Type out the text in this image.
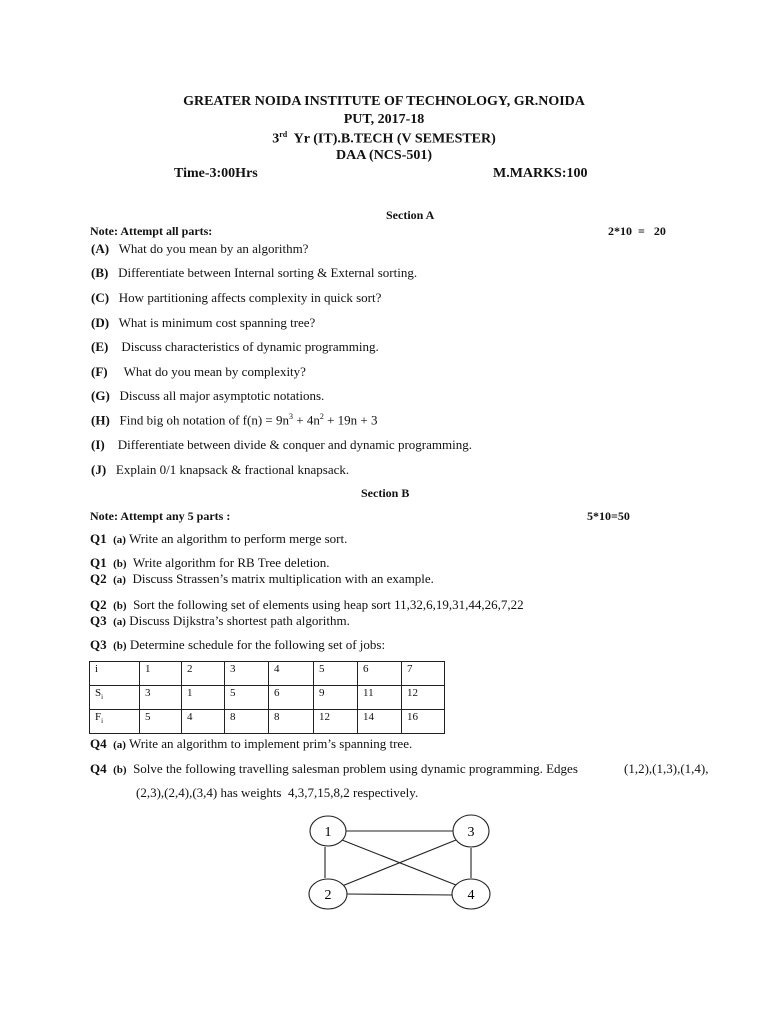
GREATER NOIDA INSTITUTE OF TECHNOLOGY, GR.NOIDA
PUT, 2017-18
3rd Yr (IT).B.TECH (V SEMESTER)
DAA (NCS-501)
Time-3:00Hrs	M.MARKS:100
Section A
Note: Attempt all parts:	2*10  =   20
(A) What do you mean by an algorithm?
(B) Differentiate between Internal sorting & External sorting.
(C) How partitioning affects complexity in quick sort?
(D) What is minimum cost spanning tree?
(E) Discuss characteristics of dynamic programming.
(F) What do you mean by complexity?
(G) Discuss all major asymptotic notations.
(H) Find big oh notation of $f(n) = 9n^3 + 4n^2 + 19n + 3$
(I) Differentiate between divide & conquer and dynamic programming.
(J) Explain 0/1 knapsack & fractional knapsack.
Section B
Note: Attempt any 5 parts :	5*10=50
Q1 (a) Write an algorithm to perform merge sort.
Q1 (b) Write algorithm for RB Tree deletion.
Q2 (a) Discuss Strassen’s matrix multiplication with an example.
Q2 (b) Sort the following set of elements using heap sort 11,32,6,19,31,44,26,7,22
Q3 (a) Discuss Dijkstra’s shortest path algorithm.
Q3 (b) Determine schedule for the following set of jobs:
i	1	2	3	4	5	6	7
$S_i$	3	1	5	6	9	11	12
$F_i$	5	4	8	8	12	14	16
Q4 (a) Write an algorithm to implement prim’s spanning tree.
Q4 (b) Solve the following travelling salesman problem using dynamic programming. Edges	(1,2),(1,3),(1,4),
(2,3),(2,4),(3,4) has weights  4,3,7,15,8,2 respectively.
1	3
2	4
